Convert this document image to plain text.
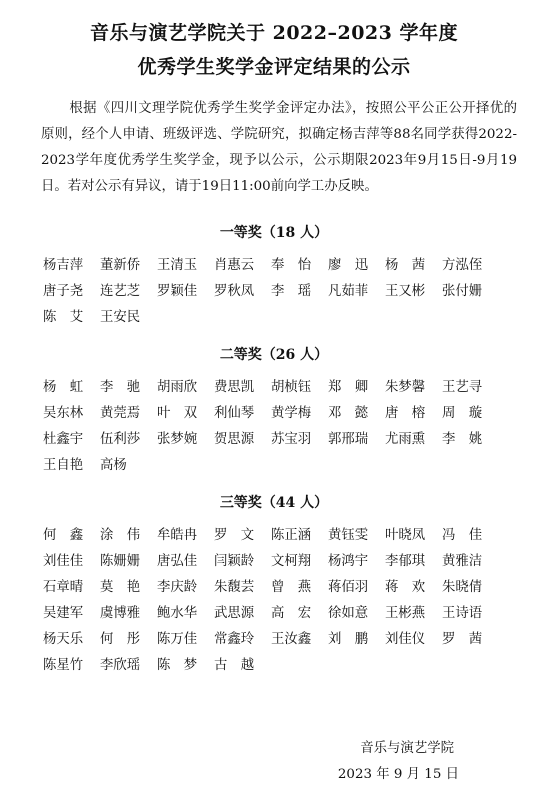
音乐与演艺学院关于 2022–2023 学年度
优秀学生奖学金评定结果的公示
根据《四川文理学院优秀学生奖学金评定办法》，按照公平公正公开择优的原则，经个人申请、班级评选、学院研究，拟确定杨吉萍等88名同学获得2022-2023学年度优秀学生奖学金，现予以公示，公示期限2023年9月15日-9月19日。若对公示有异议，请于19日11:00前向学工办反映。
一等奖（18 人）
杨吉萍	董新侨	王清玉	肖惠云	奉　怡	廖　迅	杨　茜	方泓侄
唐子尧	连艺芝	罗颖佳	罗秋凤	李　瑶	凡茹菲	王又彬	张付姗
陈　艾	王安民
二等奖（26 人）
杨　虹	李　驰	胡雨欣	费思凯	胡桢钰	郑　卿	朱梦馨	王艺寻
吴东林	黄莞焉	叶　双	利仙琴	黄学梅	邓　懿	唐　榕	周　璇
杜鑫宇	伍利莎	张梦婉	贺思源	苏宝羽	郭邢瑞	尤雨熏	李　姚
王自艳	高杨
三等奖（44 人）
何　鑫	涂　伟	牟皓冉	罗　文	陈正涵	黄钰雯	叶晓凤	冯　佳
刘佳佳	陈姗姗	唐弘佳	闫颖龄	文柯翔	杨鸿宇	李郁琪	黄雅洁
石章晴	莫　艳	李庆龄	朱馥芸	曾　燕	蒋佰羽	蒋　欢	朱晓倩
吴建军	虞博雅	鲍水华	武思源	高　宏	徐如意	王彬燕	王诗语
杨天乐	何　彤	陈万佳	常鑫玲	王汝鑫	刘　鹏	刘佳仪	罗　茜
陈星竹	李欣瑶	陈　梦	古　越
音乐与演艺学院
2023 年 9 月 15 日
